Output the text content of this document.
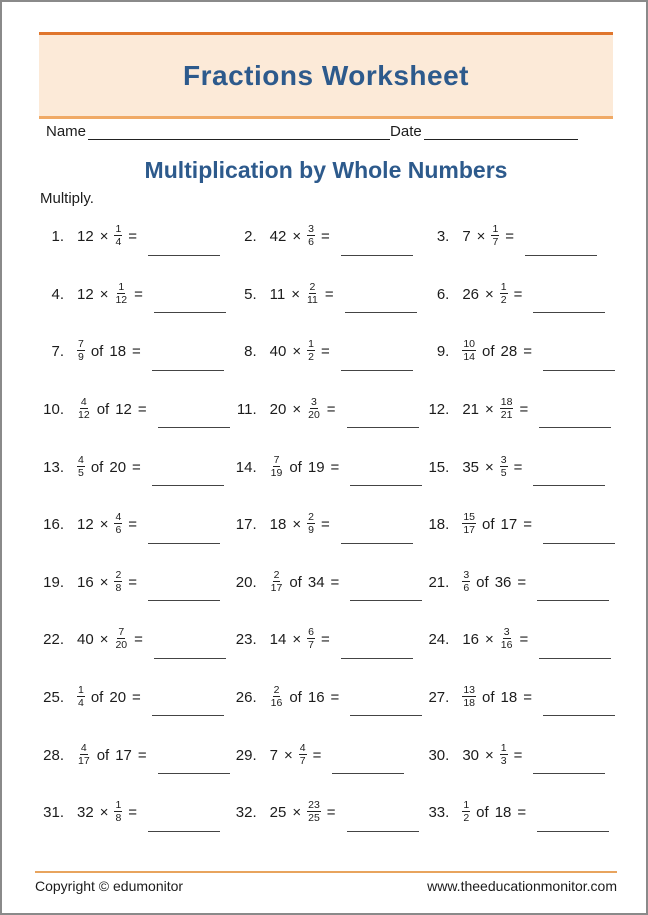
Fractions Worksheet
Name	Date
Multiplication by Whole Numbers
Multiply.
1. $12 \times \frac{1}{4}$ =	2. $42 \times \frac{3}{6}$ =	3. $7 \times \frac{1}{7}$ =
4. $12 \times \frac{1}{12}$ =	5. $11 \times \frac{2}{11}$ =	6. $26 \times \frac{1}{2}$ =
7. $\frac{7}{9}$ of 18 =	8. $40 \times \frac{1}{2}$ =	9. $\frac{10}{14}$ of 28 =
10. $\frac{4}{12}$ of 12 =	11. $20 \times \frac{3}{20}$ =	12. $21 \times \frac{18}{21}$ =
13. $\frac{4}{5}$ of 20 =	14. $\frac{7}{19}$ of 19 =	15. $35 \times \frac{3}{5}$ =
16. $12 \times \frac{4}{6}$ =	17. $18 \times \frac{2}{9}$ =	18. $\frac{15}{17}$ of 17 =
19. $16 \times \frac{2}{8}$ =	20. $\frac{2}{17}$ of 34 =	21. $\frac{3}{6}$ of 36 =
22. $40 \times \frac{7}{20}$ =	23. $14 \times \frac{6}{7}$ =	24. $16 \times \frac{3}{16}$ =
25. $\frac{1}{4}$ of 20 =	26. $\frac{2}{16}$ of 16 =	27. $\frac{13}{18}$ of 18 =
28. $\frac{4}{17}$ of 17 =	29. $7 \times \frac{4}{7}$ =	30. $30 \times \frac{1}{3}$ =
31. $32 \times \frac{1}{8}$ =	32. $25 \times \frac{23}{25}$ =	33. $\frac{1}{2}$ of 18 =
Copyright © edumonitor	www.theeducationmonitor.com
